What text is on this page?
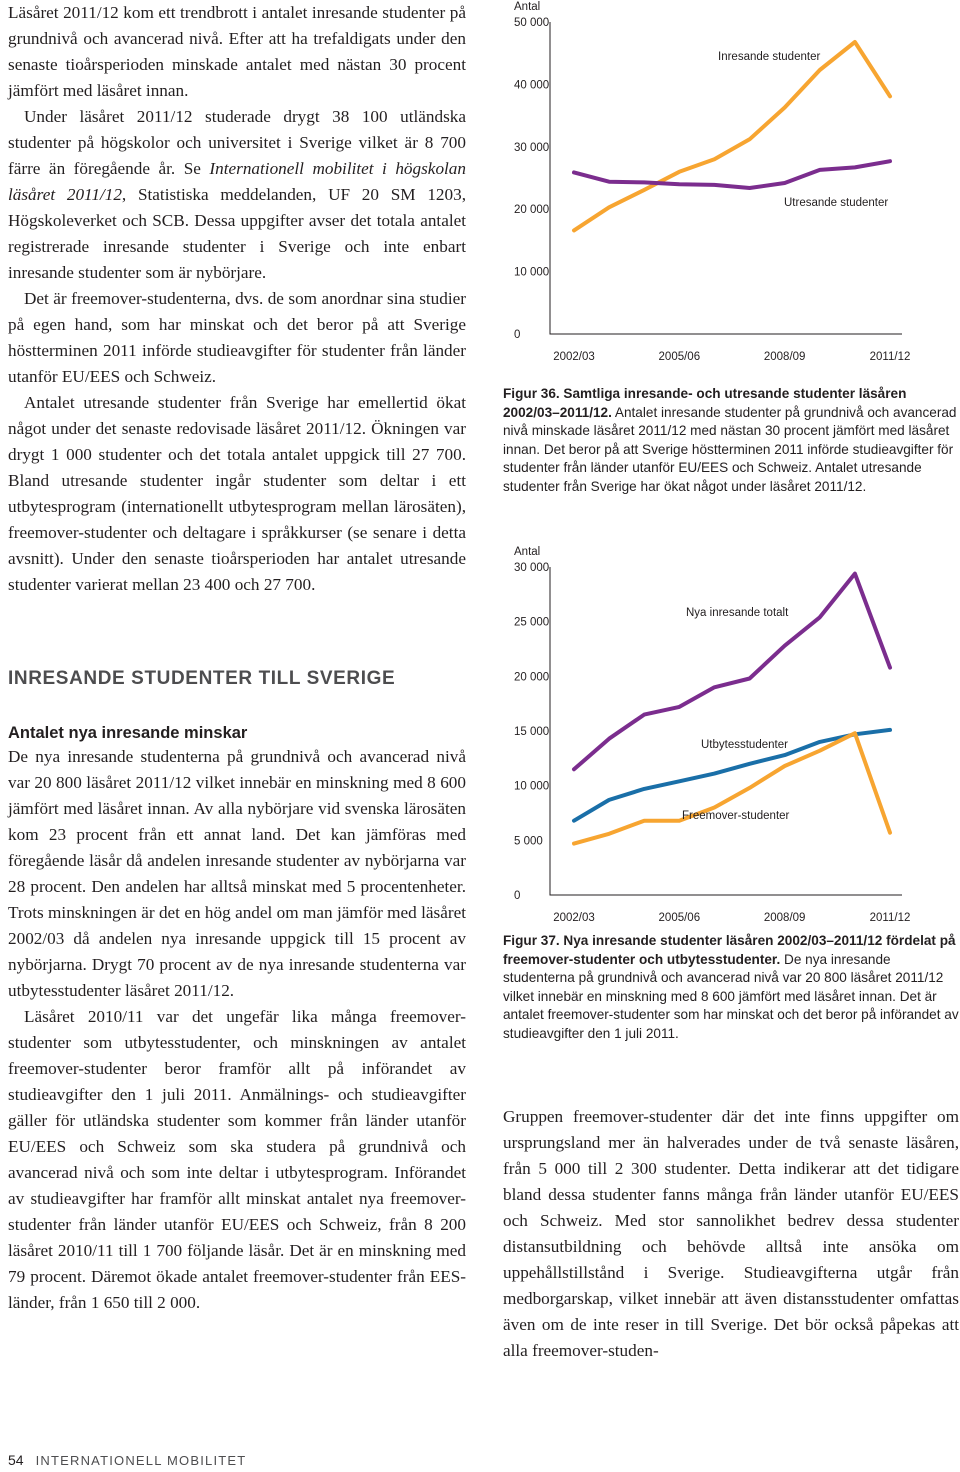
Läsåret 2011/12 kom ett trendbrott i antalet inresande studenter på grundnivå och avancerad nivå. Efter att ha trefaldigats under den senaste tioårsperioden minskade antalet med nästan 30 procent jämfört med läsåret innan.

Under läsåret 2011/12 studerade drygt 38 100 utländska studenter på högskolor och universitet i Sverige vilket är 8 700 färre än föregående år. Se Internationell mobilitet i högskolan läsåret 2011/12, Statistiska meddelanden, UF 20 SM 1203, Högskoleverket och SCB. Dessa uppgifter avser det totala antalet registrerade inresande studenter i Sverige och inte enbart inresande studenter som är nybörjare.

Det är freemover-studenterna, dvs. de som anordnar sina studier på egen hand, som har minskat och det beror på att Sverige höstterminen 2011 införde studieavgifter för studenter från länder utanför EU/EES och Schweiz.

Antalet utresande studenter från Sverige har emellertid ökat något under det senaste redovisade läsåret 2011/12. Ökningen var drygt 1 000 studenter och det totala antalet uppgick till 27 700. Bland utresande studenter ingår studenter som deltar i ett utbytesprogram (internationellt utbytesprogram mellan lärosäten), freemover-studenter och deltagare i språkkurser (se senare i detta avsnitt). Under den senaste tioårsperioden har antalet utresande studenter varierat mellan 23 400 och 27 700.

INRESANDE STUDENTER TILL SVERIGE

Antalet nya inresande minskar

De nya inresande studenterna på grundnivå och avancerad nivå var 20 800 läsåret 2011/12 vilket innebär en minskning med 8 600 jämfört med läsåret innan. Av alla nybörjare vid svenska lärosäten kom 23 procent från ett annat land. Det kan jämföras med föregående läsår då andelen inresande studenter av nybörjarna var 28 procent. Den andelen har alltså minskat med 5 procentenheter. Trots minskningen är det en hög andel om man jämför med läsåret 2002/03 då andelen nya inresande uppgick till 15 procent av nybörjarna. Drygt 70 procent av de nya inresande studenterna var utbytesstudenter läsåret 2011/12.

Läsåret 2010/11 var det ungefär lika många freemover-studenter som utbytesstudenter, och minskningen av antalet freemover-studenter beror framför allt på införandet av studieavgifter den 1 juli 2011. Anmälnings- och studieavgifter gäller för utländska studenter som kommer från länder utanför EU/EES och Schweiz som ska studera på grundnivå och avancerad nivå och som inte deltar i utbytesprogram. Införandet av studieavgifter har framför allt minskat antalet nya freemover-studenter från länder utanför EU/EES och Schweiz, från 8 200 läsåret 2010/11 till 1 700 följande läsår. Det är en minskning med 79 procent. Däremot ökade antalet freemover-studenter från EES-länder, från 1 650 till 2 000.

Antal
0
10 000
20 000
30 000
40 000
50 000
2002/03	2005/06	2008/09	2011/12
Inresande studenter
Utresande studenter

Figur 36. Samtliga inresande- och utresande studenter läsåren 2002/03–2011/12. Antalet inresande studenter på grundnivå och avancerad nivå minskade läsåret 2011/12 med nästan 30 procent jämfört med läsåret innan. Det beror på att Sverige höstterminen 2011 införde studieavgifter för studenter från länder utanför EU/EES och Schweiz. Antalet utresande studenter från Sverige har ökat något under läsåret 2011/12.

Antal
0
5 000
10 000
15 000
20 000
25 000
30 000
2002/03	2005/06	2008/09	2011/12
Nya inresande totalt
Utbytesstudenter
Freemover-studenter

Figur 37. Nya inresande studenter läsåren 2002/03–2011/12 fördelat på freemover-studenter och utbytesstudenter. De nya inresande studenterna på grundnivå och avancerad nivå var 20 800 läsåret 2011/12 vilket innebär en minskning med 8 600 jämfört med läsåret innan. Det är antalet freemover-studenter som har minskat och det beror på införandet av studieavgifter den 1 juli 2011.

Gruppen freemover-studenter där det inte finns uppgifter om ursprungsland mer än halverades under de två senaste läsåren, från 5 000 till 2 300 studenter. Detta indikerar att det tidigare bland dessa studenter fanns många från länder utanför EU/EES och Schweiz. Med stor sannolikhet bedrev dessa studenter distansutbildning och behövde alltså inte ansöka om uppehållstillstånd i Sverige. Studieavgifterna utgår från medborgarskap, vilket innebär att även distansstudenter omfattas även om de inte reser in till Sverige. Det bör också påpekas att alla freemover-studen-

54 INTERNATIONELL MOBILITET
